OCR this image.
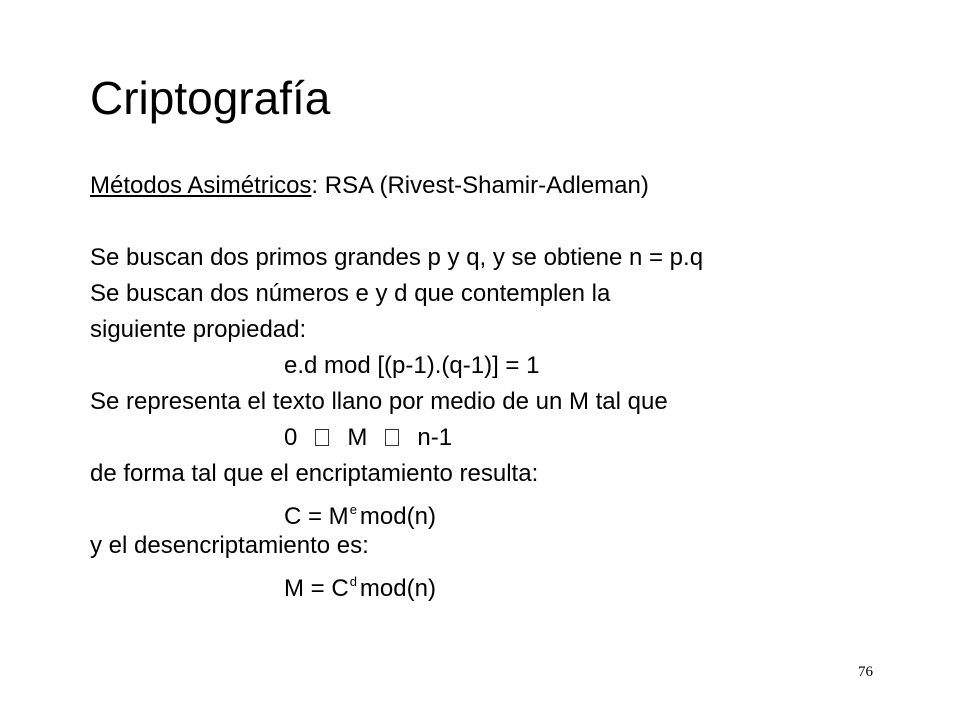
Criptografía
Métodos Asimétricos: RSA (Rivest-Shamir-Adleman)
Se buscan dos primos grandes p y q, y se obtiene n = p.q
Se buscan dos números e y d que contemplen la
siguiente propiedad:
e.d mod [(p-1).(q-1)] = 1
Se representa el texto llano por medio de un M tal que
0 M n-1
de forma tal que el encriptamiento resulta:
$C = M^e$ mod(n)
y el desencriptamiento es:
$M = C^d$ mod(n)
76
